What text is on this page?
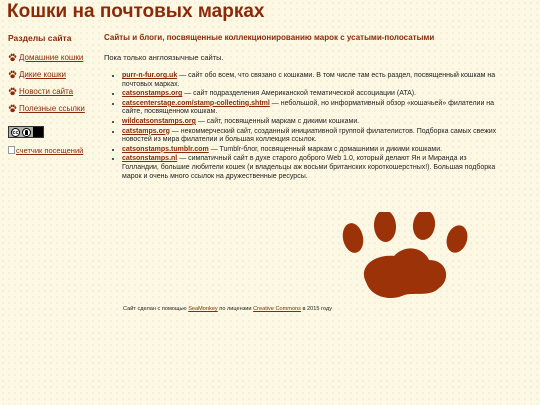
Кошки на почтовых марках
Разделы сайта
Домашние кошки
Дикие кошки
Новости сайта
Полезные ссылки
cc
счетчик посещений
Сайты и блоги, посвященные коллекционированию марок с усатыми-полосатыми

Пока только англоязычные сайты.

• purr-n-fur.org.uk — сайт обо всем, что связано с кошками. В том числе там есть раздел, посвященный кошкам на почтовых марках.
• catsonstamps.org — сайт подразделения Американской тематической ассоциации (ATA).
• catscenterstage.com/stamp-collecting.shtml — небольшой, но информативный обзор «кошачьей» филателии на сайте, посвященном кошкам.
• wildcatsonstamps.org — сайт, посвященный маркам с дикими кошками.
• catstamps.org — некоммерческий сайт, созданный инициативной группой филателистов. Подборка самых свежих новостей из мира филателии и большая коллекция ссылок.
• catsonstamps.tumblr.com — Tumblr-блог, посвященный маркам с домашними и дикими кошками.
• catsonstamps.nl — симпатичный сайт в духе старого доброго Web 1.0, который делают Ян и Миранда из Голландии, большие любители кошек (и владельцы аж восьми британских короткошерстных!). Большая подборка марок и очень много ссылок на дружественные ресурсы.
Сайт сделан с помощью SeaMonkey по лицензии Creative Commons в 2015 году
